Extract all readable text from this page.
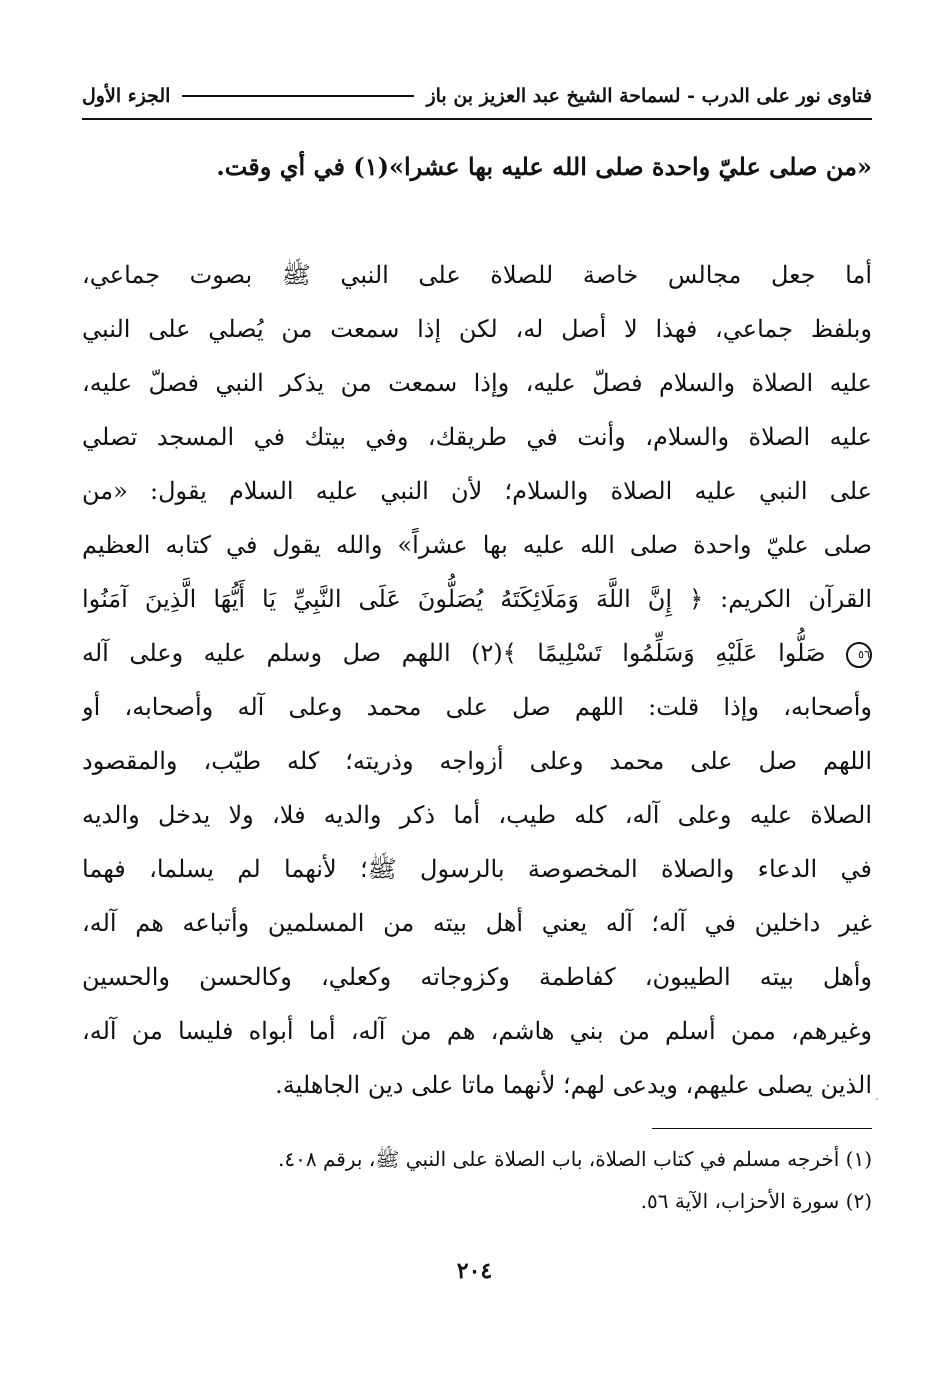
فتاوى نور على الدرب - لسماحة الشيخ عبد العزيز بن باز
الجزء الأول
«من صلى عليّ واحدة صلى الله عليه بها عشرا»(١) في أي وقت.
أما جعل مجالس خاصة للصلاة على النبي ﷺ بصوت جماعي،
وبلفظ جماعي، فهذا لا أصل له، لكن إذا سمعت من يُصلي على النبي
عليه الصلاة والسلام فصلّ عليه، وإذا سمعت من يذكر النبي فصلّ عليه،
عليه الصلاة والسلام، وأنت في طريقك، وفي بيتك في المسجد تصلي
على النبي عليه الصلاة والسلام؛ لأن النبي عليه السلام يقول: «من
صلى عليّ واحدة صلى الله عليه بها عشراً» والله يقول في كتابه العظيم
القرآن الكريم: ﴿ إِنَّ اللَّهَ وَمَلَائِكَتَهُ يُصَلُّونَ عَلَى النَّبِيِّ يَا أَيُّهَا الَّذِينَ آمَنُوا
٥٦ صَلُّوا عَلَيْهِ وَسَلِّمُوا تَسْلِيمًا ﴾(٢) اللهم صل وسلم عليه وعلى آله
وأصحابه، وإذا قلت: اللهم صل على محمد وعلى آله وأصحابه، أو
اللهم صل على محمد وعلى أزواجه وذريته؛ كله طيّب، والمقصود
الصلاة عليه وعلى آله، كله طيب، أما ذكر والديه فلا، ولا يدخل والديه
في الدعاء والصلاة المخصوصة بالرسول ﷺ؛ لأنهما لم يسلما، فهما
غير داخلين في آله؛ آله يعني أهل بيته من المسلمين وأتباعه هم آله،
وأهل بيته الطيبون، كفاطمة وكزوجاته وكعلي، وكالحسن والحسين
وغيرهم، ممن أسلم من بني هاشم، هم من آله، أما أبواه فليسا من آله،
الذين يصلى عليهم، ويدعى لهم؛ لأنهما ماتا على دين الجاهلية.
(١) أخرجه مسلم في كتاب الصلاة، باب الصلاة على النبي ﷺ، برقم ٤٠٨.
(٢) سورة الأحزاب، الآية ٥٦.
٢٠٤
